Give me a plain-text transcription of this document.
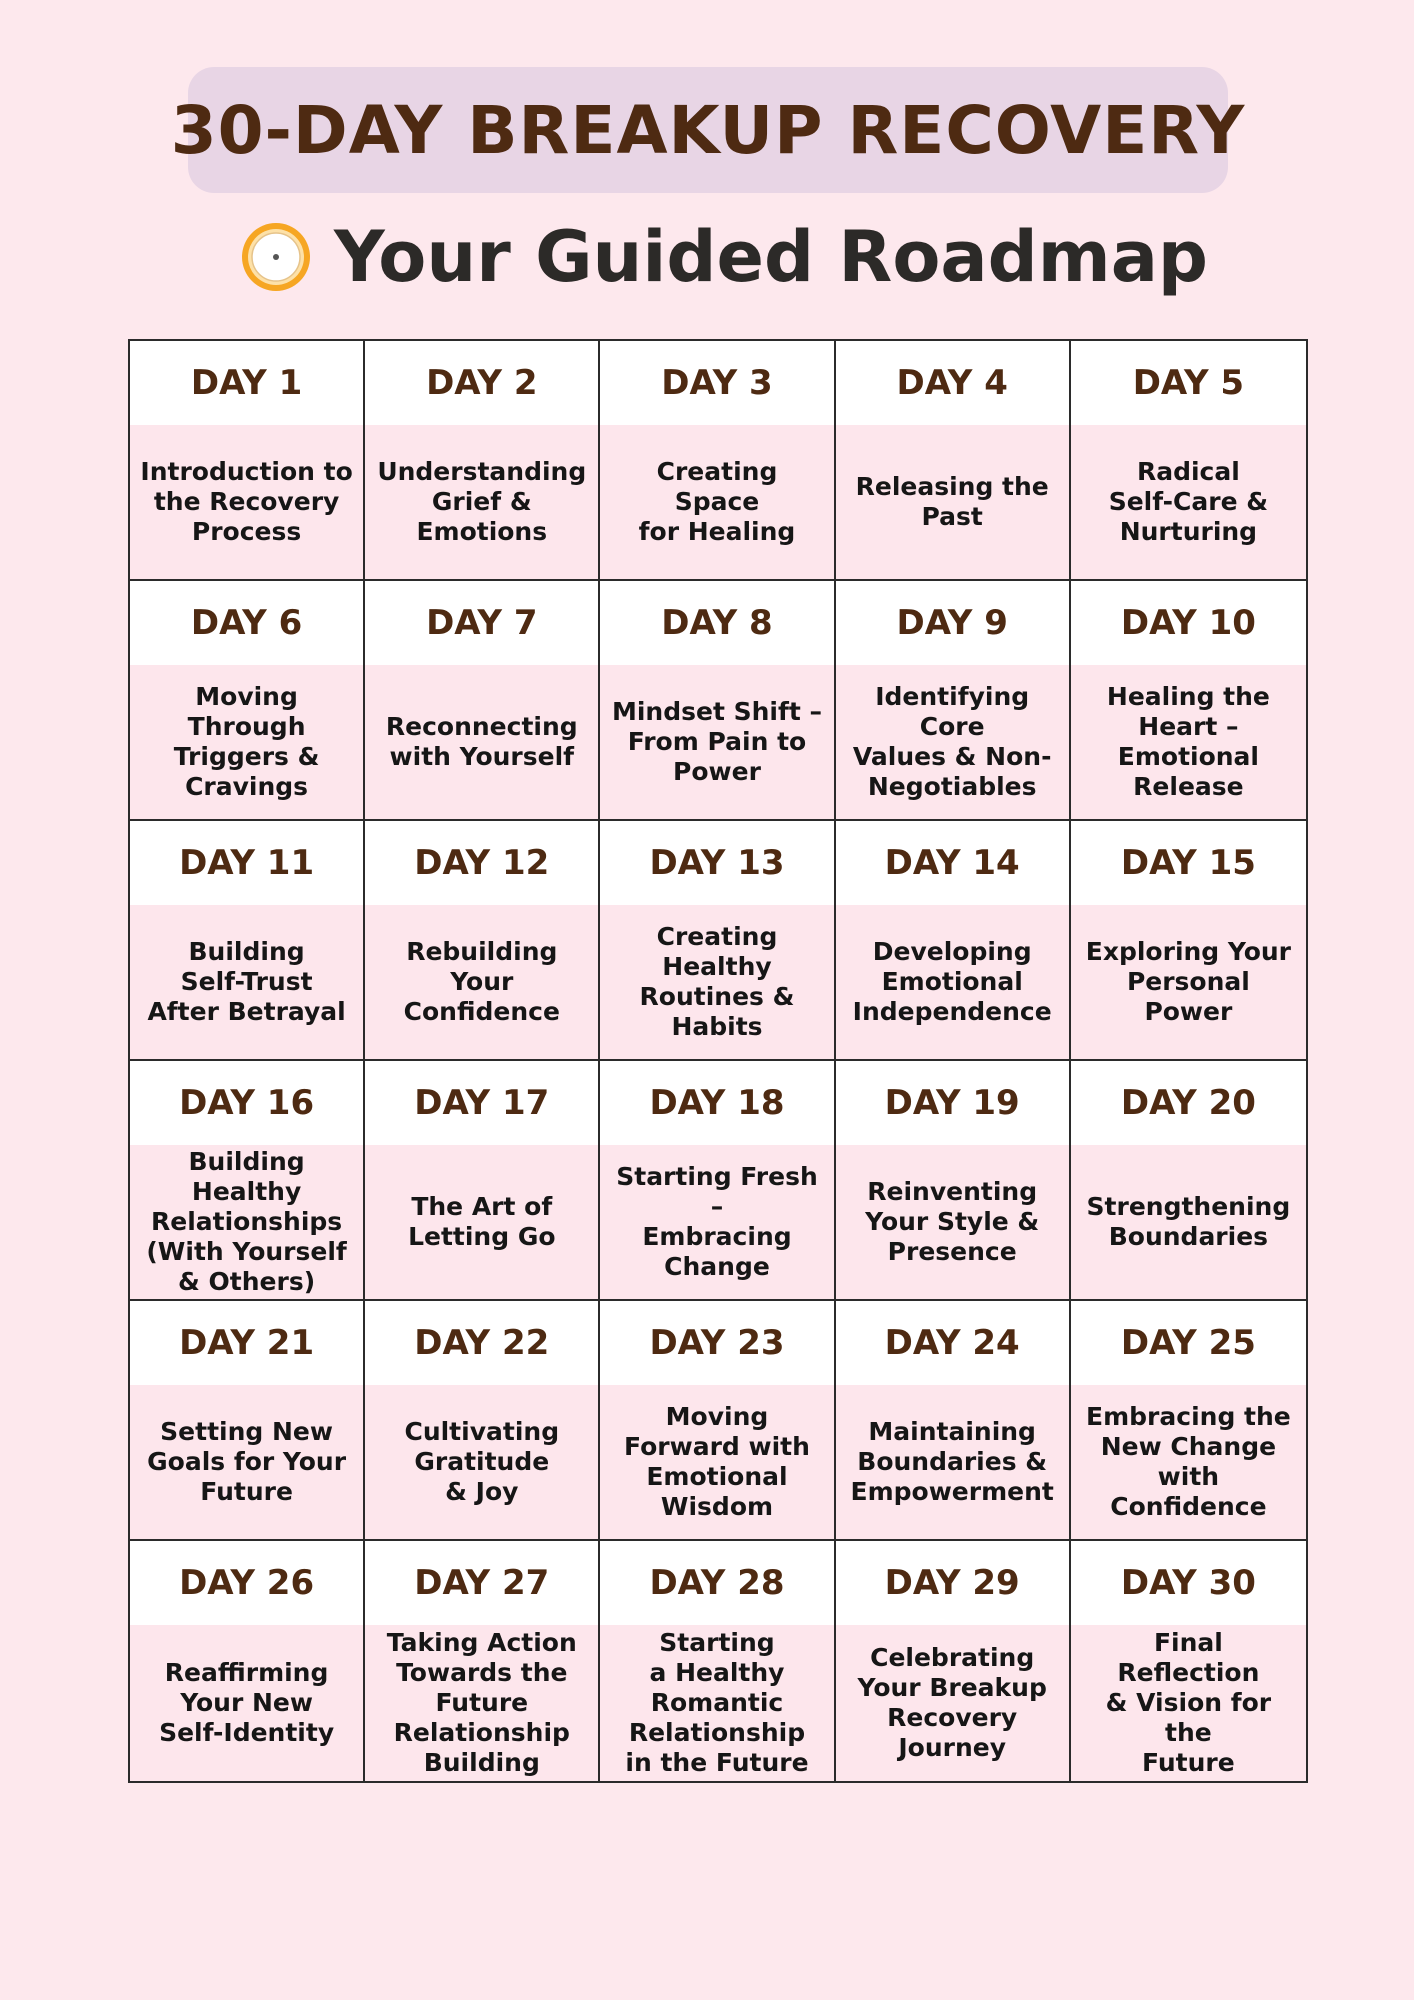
30-DAY BREAKUP RECOVERY
Your Guided Roadmap
DAY 1
Introduction to
the Recovery
Process
DAY 2
Understanding
Grief &
Emotions
DAY 3
Creating Space
for Healing
DAY 4
Releasing the
Past
DAY 5
Radical
Self-Care &
Nurturing
DAY 6
Moving
Through
Triggers &
Cravings
DAY 7
Reconnecting
with Yourself
DAY 8
Mindset Shift –
From Pain to
Power
DAY 9
Identifying Core
Values & Non-
Negotiables
DAY 10
Healing the
Heart –
Emotional
Release
DAY 11
Building
Self-Trust
After Betrayal
DAY 12
Rebuilding Your
Confidence
DAY 13
Creating
Healthy
Routines &
Habits
DAY 14
Developing
Emotional
Independence
DAY 15
Exploring Your
Personal Power
DAY 16
Building
Healthy
Relationships
(With Yourself
& Others)
DAY 17
The Art of
Letting Go
DAY 18
Starting Fresh –
Embracing
Change
DAY 19
Reinventing
Your Style &
Presence
DAY 20
Strengthening
Boundaries
DAY 21
Setting New
Goals for Your
Future
DAY 22
Cultivating
Gratitude
& Joy
DAY 23
Moving
Forward with
Emotional
Wisdom
DAY 24
Maintaining
Boundaries &
Empowerment
DAY 25
Embracing the
New Change
with
Confidence
DAY 26
Reaffirming
Your New
Self-Identity
DAY 27
Taking Action
Towards the
Future
Relationship
Building
DAY 28
Starting
a Healthy
Romantic
Relationship
in the Future
DAY 29
Celebrating
Your Breakup
Recovery
Journey
DAY 30
Final Reflection
& Vision for the
Future
